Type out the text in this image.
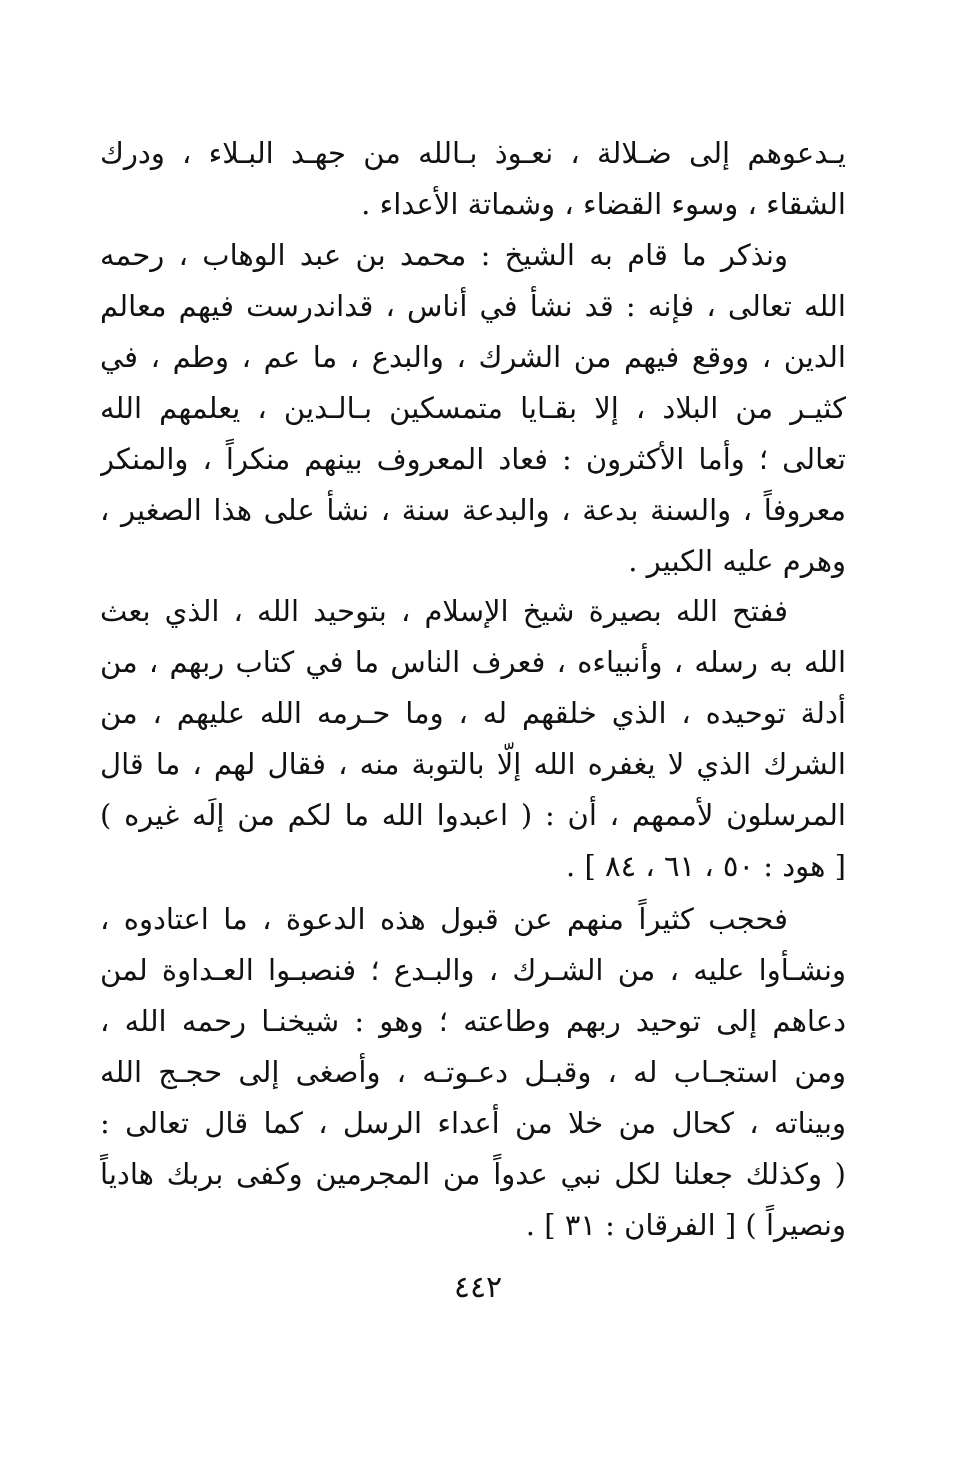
يـدعوهم إلى ضـلالة ، نعـوذ بـالله من جهـد البـلاء ، ودرك
الشقاء ، وسوء القضاء ، وشماتة الأعداء .
ونذكر ما قام به الشيخ : محمد بن عبد الوهاب ، رحمه
الله تعالى ، فإنه : قد نشأ في أناس ، قداندرست فيهم معالم
الدين ، ووقع فيهم من الشرك ، والبدع ، ما عم ، وطم ، في
كثيـر من البلاد ، إلا بقـايا متمسكين بـالـدين ، يعلمهم الله
تعالى ؛ وأما الأكثرون : فعاد المعروف بينهم منكراً ، والمنكر
معروفاً ، والسنة بدعة ، والبدعة سنة ، نشأ على هذا الصغير ،
وهرم عليه الكبير .
ففتح الله بصيرة شيخ الإسلام ، بتوحيد الله ، الذي بعث
الله به رسله ، وأنبياءه ، فعرف الناس ما في كتاب ربهم ، من
أدلة توحيده ، الذي خلقهم له ، وما حـرمه الله عليهم ، من
الشرك الذي لا يغفره الله إلّا بالتوبة منه ، فقال لهم ، ما قال
المرسلون لأممهم ، أن : ( اعبدوا الله ما لكم من إلَه غيره )
[ هود : ٥٠ ، ٦١ ، ٨٤ ] .
فحجب كثيراً منهم عن قبول هذه الدعوة ، ما اعتادوه ،
ونشـأوا عليه ، من الشـرك ، والبـدع ؛ فنصبـوا العـداوة لمن
دعاهم إلى توحيد ربهم وطاعته ؛ وهو : شيخنـا رحمه الله ،
ومن استجـاب له ، وقبـل دعـوتـه ، وأصغى إلى حجـج الله
وبيناته ، كحال من خلا من أعداء الرسل ، كما قال تعالى :
( وكذلك جعلنا لكل نبي عدواً من المجرمين وكفى بربك هادياً
ونصيراً ) [ الفرقان : ٣١ ] .
٤٤٢
